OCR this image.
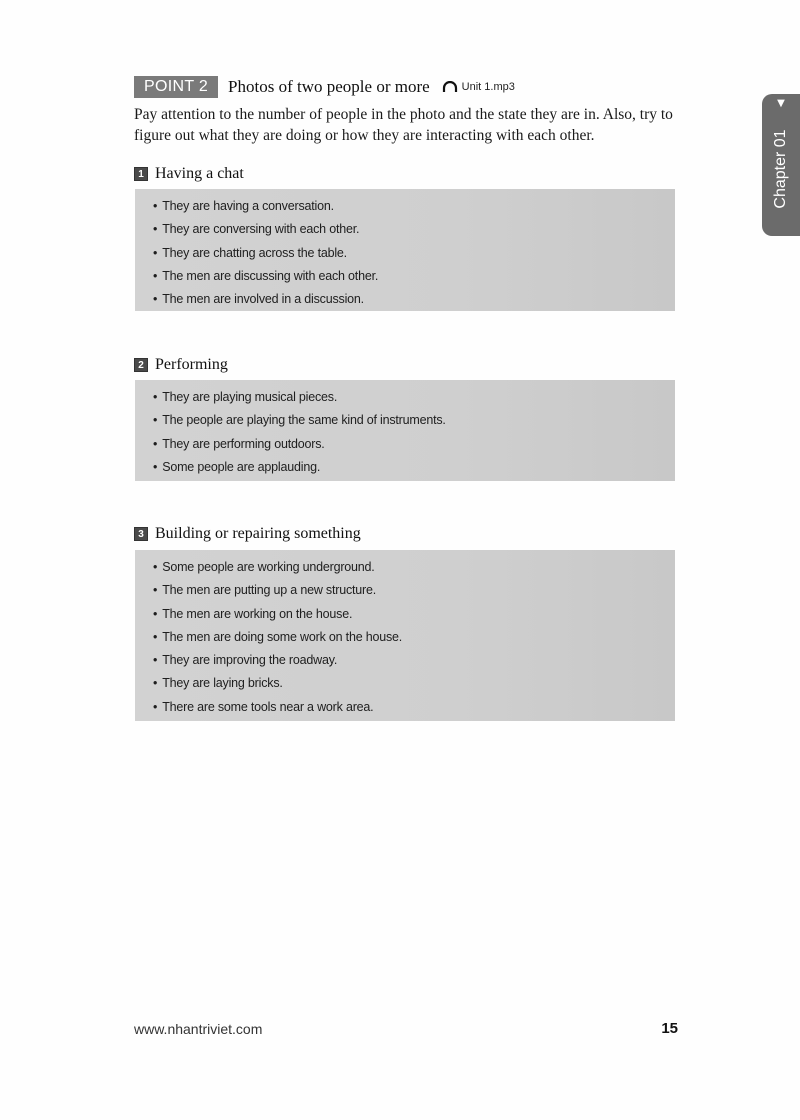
POINT 2	Photos of two people or more	Unit 1.mp3
Pay attention to the number of people in the photo and the state they are in. Also, try to figure out what they are doing or how they are interacting with each other.
▼
Chapter 01
1 Having a chat
• They are having a conversation.
• They are conversing with each other.
• They are chatting across the table.
• The men are discussing with each other.
• The men are involved in a discussion.
2 Performing
• They are playing musical pieces.
• The people are playing the same kind of instruments.
• They are performing outdoors.
• Some people are applauding.
3 Building or repairing something
• Some people are working underground.
• The men are putting up a new structure.
• The men are working on the house.
• The men are doing some work on the house.
• They are improving the roadway.
• They are laying bricks.
• There are some tools near a work area.
www.nhantriviet.com	15
